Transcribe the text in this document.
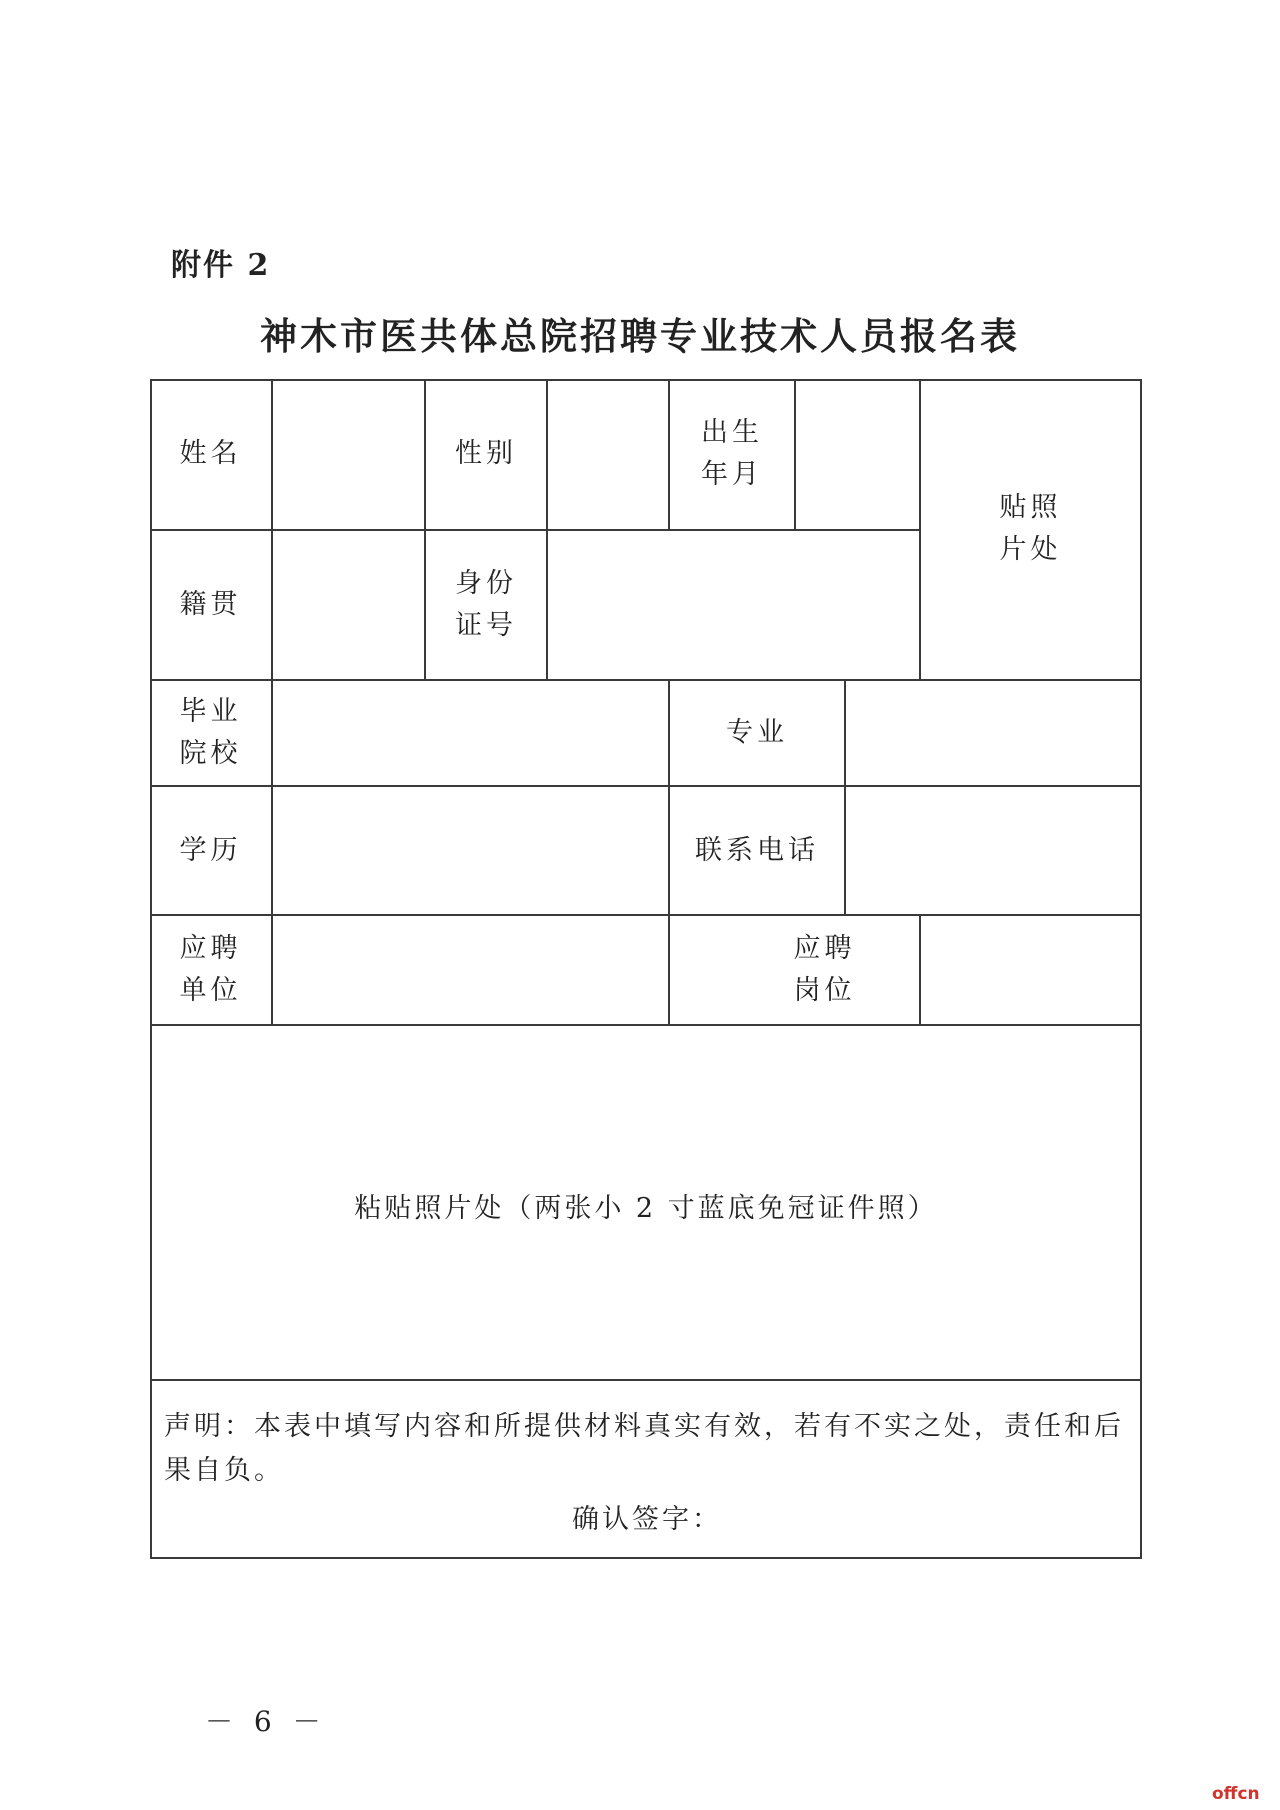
附件 2
神木市医共体总院招聘专业技术人员报名表
姓名	性别
出生
年月
贴照
片处
籍贯
身份
证号
毕业
院校
专业
学历	联系电话
应聘
单位
应聘
岗位
粘贴照片处（两张小 2 寸蓝底免冠证件照）
声明：本表中填写内容和所提供材料真实有效，若有不实之处，责任和后果自负。
确认签字：
－ 6 －
offcn
